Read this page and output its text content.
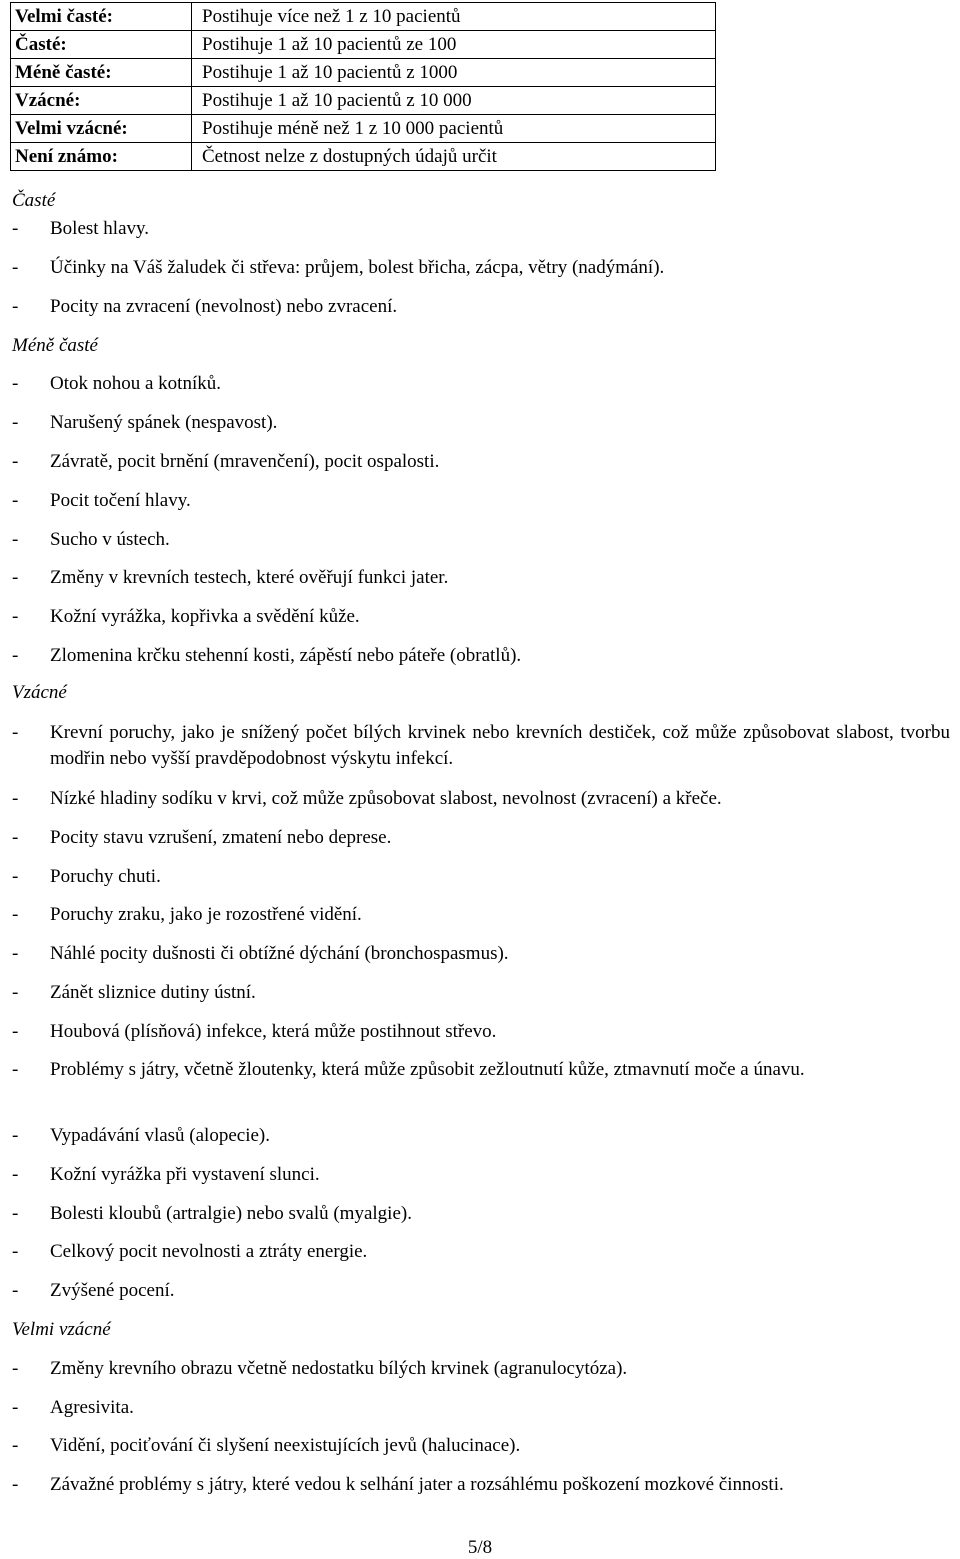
Velmi časté:	Postihuje více než 1 z 10 pacientů
Časté:	Postihuje 1 až 10 pacientů ze 100
Méně časté:	Postihuje 1 až 10 pacientů z 1000
Vzácné:	Postihuje 1 až 10 pacientů z 10 000
Velmi vzácné:	Postihuje méně než 1 z 10 000 pacientů
Není známo:	Četnost nelze z dostupných údajů určit
Časté
- Bolest hlavy.
- Účinky na Váš žaludek či střeva: průjem, bolest břicha, zácpa, větry (nadýmání).
- Pocity na zvracení (nevolnost) nebo zvracení.
Méně časté
- Otok nohou a kotníků.
- Narušený spánek (nespavost).
- Závratě, pocit brnění (mravenčení), pocit ospalosti.
- Pocit točení hlavy.
- Sucho v ústech.
- Změny v krevních testech, které ověřují funkci jater.
- Kožní vyrážka, kopřivka a svědění kůže.
- Zlomenina krčku stehenní kosti, zápěstí nebo páteře (obratlů).
Vzácné
- Krevní poruchy, jako je snížený počet bílých krvinek nebo krevních destiček, což může způsobovat slabost, tvorbu modřin nebo vyšší pravděpodobnost výskytu infekcí.
- Nízké hladiny sodíku v krvi, což může způsobovat slabost, nevolnost (zvracení) a křeče.
- Pocity stavu vzrušení, zmatení nebo deprese.
- Poruchy chuti.
- Poruchy zraku, jako je rozostřené vidění.
- Náhlé pocity dušnosti či obtížné dýchání (bronchospasmus).
- Zánět sliznice dutiny ústní.
- Houbová (plísňová) infekce, která může postihnout střevo.
- Problémy s játry, včetně žloutenky, která může způsobit zežloutnutí kůže, ztmavnutí moče a únavu.
- Vypadávání vlasů (alopecie).
- Kožní vyrážka při vystavení slunci.
- Bolesti kloubů (artralgie) nebo svalů (myalgie).
- Celkový pocit nevolnosti a ztráty energie.
- Zvýšené pocení.
Velmi vzácné
- Změny krevního obrazu včetně nedostatku bílých krvinek (agranulocytóza).
- Agresivita.
- Vidění, pociťování či slyšení neexistujících jevů (halucinace).
- Závažné problémy s játry, které vedou k selhání jater a rozsáhlému poškození mozkové činnosti.
5/8
